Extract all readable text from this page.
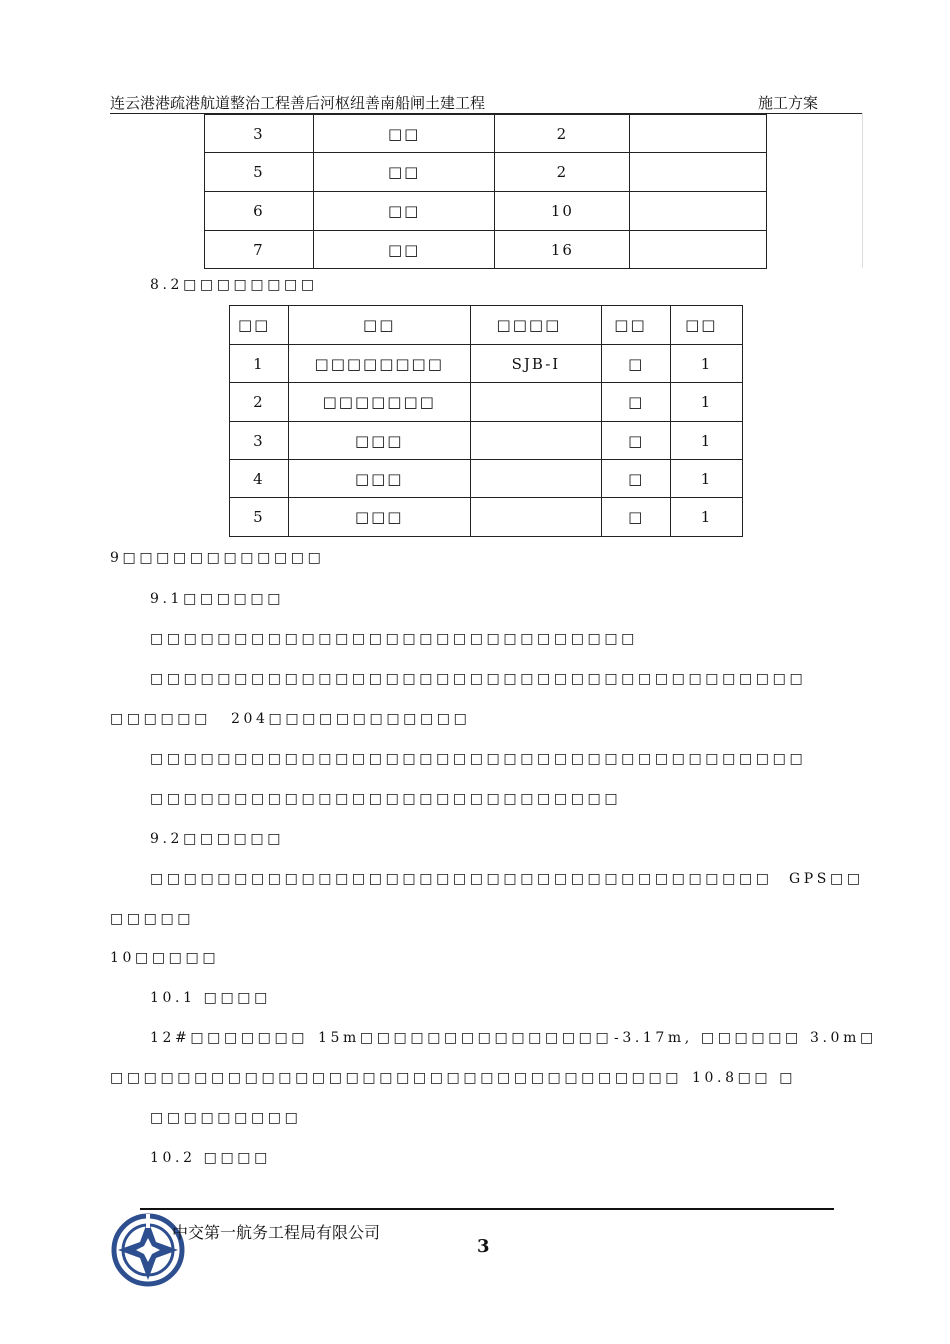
连云港港疏港航道整治工程善后河枢纽善南船闸土建工程	施工方案
3	□□	2	
5	□□	2	
6	□□	10	
7	□□	16	
8.2□□□□□□□□
□□	□□	□□□□	□□	□□
1	□□□□□□□□	SJB-I	□	1
2	□□□□□□□		□	1
3	□□□		□	1
4	□□□		□	1
5	□□□		□	1
9□□□□□□□□□□□□
9.1□□□□□□
□□□□□□□□□□□□□□□□□□□□□□□□□□□□□
□□□□□□□□□□□□□□□□□□□□□□□□□□□□□□□□□□□□□□□
□□□□□□ 204□□□□□□□□□□□□
□□□□□□□□□□□□□□□□□□□□□□□□□□□□□□□□□□□□□□□
□□□□□□□□□□□□□□□□□□□□□□□□□□□□
9.2□□□□□□
□□□□□□□□□□□□□□□□□□□□□□□□□□□□□□□□□□□□□ GPS□□
□□□□□
10□□□□□
10.1 □□□□
12#□□□□□□□ 15m□□□□□□□□□□□□□□□ -3.17m, □□□□□□ 3.0m□
□□□□□□□□□□□□□□□□□□□□□□□□□□□□□□□□□□ 10.8□□ □
□□□□□□□□□
10.2 □□□□
中交第一航务工程局有限公司
3
